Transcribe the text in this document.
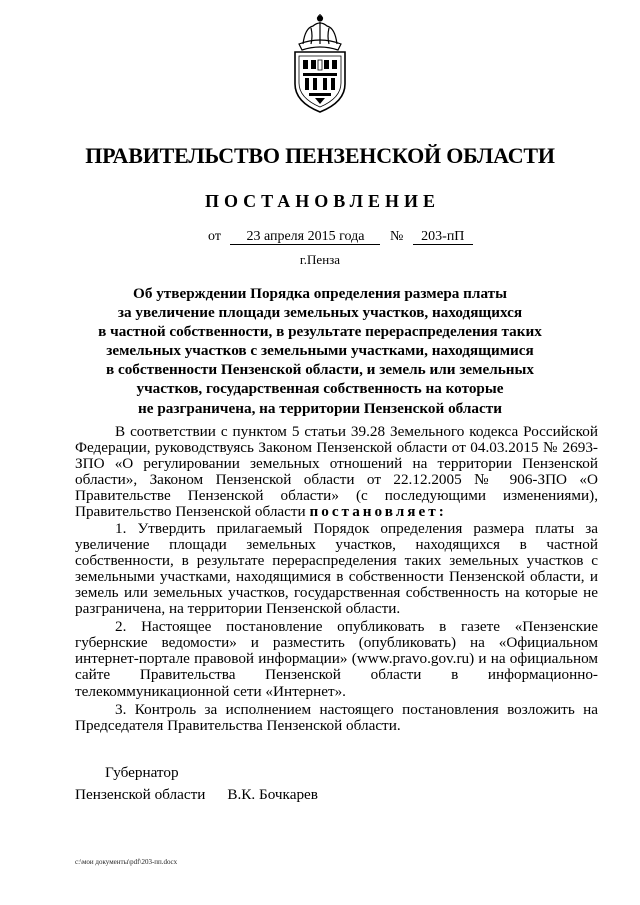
ПРАВИТЕЛЬСТВО ПЕНЗЕНСКОЙ ОБЛАСТИ
ПОСТАНОВЛЕНИЕ
от 23 апреля 2015 года № 203-пП
г.Пенза
Об утверждении Порядка определения размера платы
за увеличение площади земельных участков, находящихся
в частной собственности, в результате перераспределения таких
земельных участков с земельными участками, находящимися
в собственности Пензенской области, и земель или земельных
участков, государственная собственность на которые
не разграничена, на территории Пензенской области

В соответствии с пунктом 5 статьи 39.28 Земельного кодекса Российской Федерации, руководствуясь Законом Пензенской области от 04.03.2015 № 2693-ЗПО «О регулировании земельных отношений на территории Пензенской области», Законом Пензенской области от 22.12.2005 № 906-ЗПО «О Правительстве Пензенской области» (с последующими изменениями), Правительство Пензенской области постановляет:

1. Утвердить прилагаемый Порядок определения размера платы за увеличение площади земельных участков, находящихся в частной собственности, в результате перераспределения таких земельных участков с земельными участками, находящимися в собственности Пензенской области, и земель или земельных участков, государственная собственность на которые не разграничена, на территории Пензенской области.

2. Настоящее постановление опубликовать в газете «Пензенские губернские ведомости» и разместить (опубликовать) на «Официальном интернет-портале правовой информации» (www.pravo.gov.ru) и на официальном сайте Правительства Пензенской области в информационно-телекоммуникационной сети «Интернет».

3. Контроль за исполнением настоящего постановления возложить на Председателя Правительства Пензенской области.

Губернатор
Пензенской области В.К. Бочкарев
c:\мои документы\pdf\203-пп.docx
